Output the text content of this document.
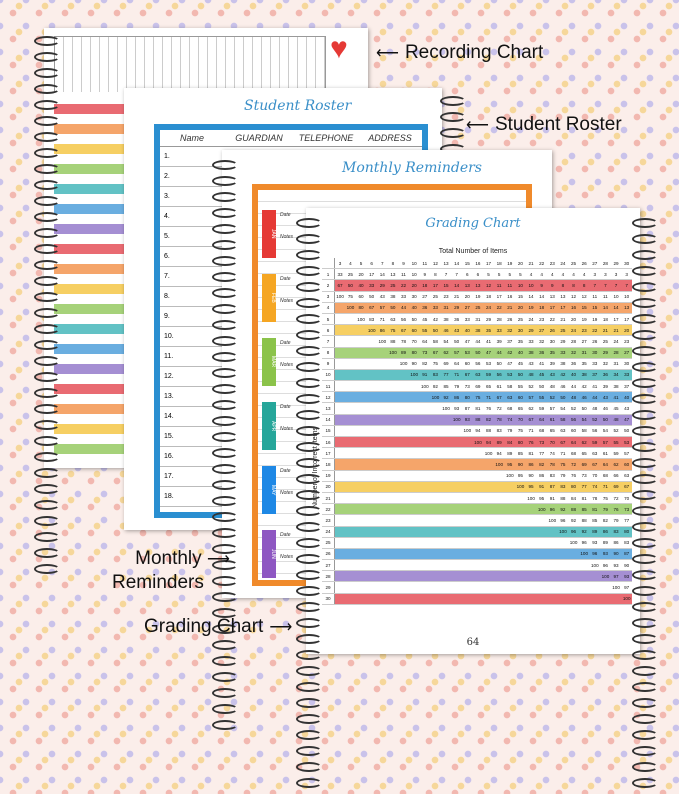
♥
Student Roster
Name	GUARDIAN	TELEPHONE	ADDRESS
1.
2.
3.
4.
5.
6.
7.
8.
9.
10.
11.
12.
13.
14.
15.
16.
17.
18.
Monthly Reminders
JAN
Date
Notes
FEB
Date
Notes
MAR
Date
Notes
APR
Date
Notes
MAY
Date
Notes
JUN
Date
Notes
Grading Chart
Total Number of Items
Number of Incorrect Items
	3	4	5	6	7	8	9	10	11	12	13	14	15	16	17	18	19	20	21	22	23	24	25	26	27	28	29	30
1	33	25	20	17	14	13	11	10	9	8	7	7	6	6	5	5	5	5	4	4	4	4	4	4	3	3	3	3
2	67	50	40	33	29	25	22	20	18	17	15	14	13	13	12	11	11	10	10	9	9	8	8	8	7	7	7	7
3	100	75	60	50	43	38	33	30	27	25	23	21	20	19	18	17	16	15	14	14	13	13	12	12	11	11	10	10
4		100	80	67	57	50	44	40	36	33	31	29	27	25	24	22	21	20	19	18	17	17	16	15	15	14	14	13
5			100	83	71	63	56	50	45	42	38	36	33	31	29	28	26	25	24	23	22	21	20	19	19	18	17	17
6				100	86	75	67	60	55	50	46	43	40	38	35	33	32	30	29	27	26	25	24	23	22	21	21	20
7					100	88	78	70	64	58	54	50	47	44	41	39	37	35	33	32	30	29	28	27	26	25	24	23
8						100	89	80	73	67	62	57	53	50	47	44	42	40	38	36	35	33	32	31	30	29	28	27
9							100	90	82	75	69	64	60	56	53	50	47	45	43	41	39	38	36	35	33	32	31	30
10								100	91	83	77	71	67	63	59	56	53	50	48	45	43	42	40	38	37	36	34	33
11									100	92	85	79	73	69	65	61	58	55	52	50	48	46	44	42	41	39	38	37
12										100	92	86	80	75	71	67	63	60	57	55	52	50	48	46	44	43	41	40
13											100	93	87	81	76	72	68	65	62	59	57	54	52	50	48	46	45	43
14												100	93	88	82	78	74	70	67	64	61	58	56	54	52	50	48	47
15													100	94	88	83	79	75	71	68	65	63	60	58	56	54	52	50
16														100	94	89	84	80	76	73	70	67	64	62	59	57	55	53
17															100	94	89	85	81	77	74	71	68	65	63	61	59	57
18																100	95	90	86	82	78	75	72	69	67	64	62	60
19																	100	95	90	86	83	79	76	73	70	68	66	63
20																		100	95	91	87	83	80	77	74	71	69	67
21																			100	95	91	88	84	81	78	75	72	70
22																				100	96	92	88	85	81	79	76	73
23																					100	96	92	88	85	82	79	77
24																						100	96	92	89	86	83	80
25																							100	96	93	89	86	83
26																								100	96	93	90	87
27																									100	96	93	90
28																										100	97	93
29																											100	97
30																												100
64
⟵ Recording Chart
⟵ Student Roster
Monthly ⟶
Reminders
Grading Chart ⟶
